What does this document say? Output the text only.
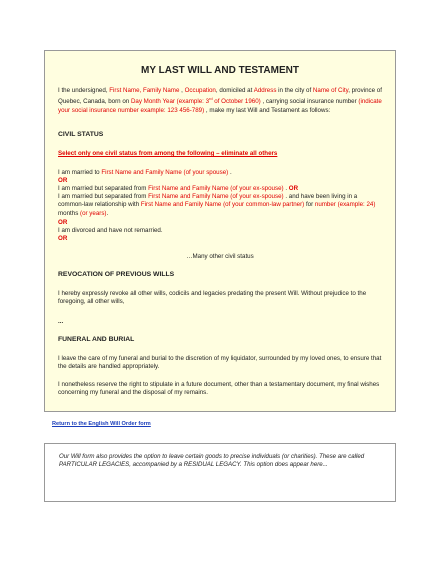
MY LAST WILL AND TESTAMENT
I the undersigned, First Name, Family Name , Occupation, domiciled at Address in the city of Name of City, province of Quebec, Canada, born on Day Month Year (example: 3rd of October 1960) , carrying social insurance number (indicate your social insurance number example: 123 456-789) , make my last Will and Testament as follows:
CIVIL STATUS
Select only one civil status from among the following – eliminate all others
I am married to First Name and Family Name (of your spouse) .
OR
I am married but separated from First Name and Family Name (of your ex-spouse) . OR
I am married but separated from First Name and Family Name (of your ex-spouse) . and have been living in a common-law relationship with First Name and Family Name (of your common-law partner) for number (example: 24) months (or years).
OR
I am divorced and have not remarried.
OR
…Many other civil status
REVOCATION OF PREVIOUS WILLS
I hereby expressly revoke all other wills, codicils and legacies predating the present Will. Without prejudice to the foregoing, all other wills,
...
FUNERAL AND BURIAL
I leave the care of my funeral and burial to the discretion of my liquidator, surrounded by my loved ones, to ensure that the details are handled appropriately.
I nonetheless reserve the right to stipulate in a future document, other than a testamentary document, my final wishes concerning my funeral and the disposal of my remains.
Return to the English Will Order form
Our Will form also provides the option to leave certain goods to precise individuals (or charities). These are called PARTICULAR LEGACIES, accompanied by a RESIDUAL LEGACY. This option does appear here...
